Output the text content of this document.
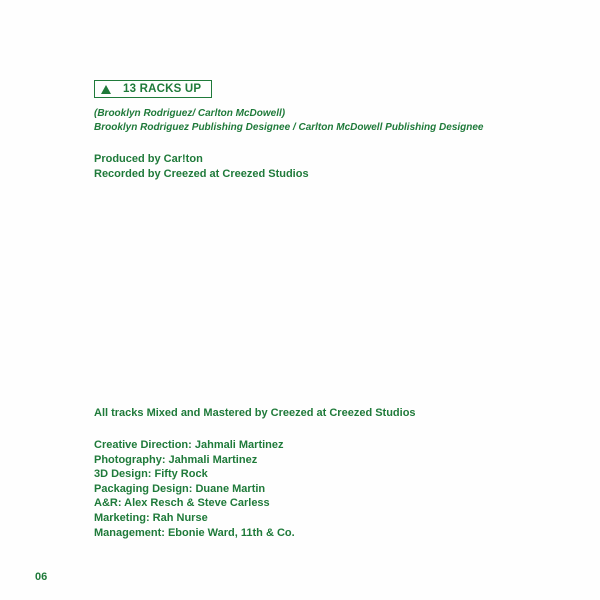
13 RACKS UP
(Brooklyn Rodriguez/ Carlton McDowell)
Brooklyn Rodriguez Publishing Designee / Carlton McDowell Publishing Designee
Produced by Car!ton
Recorded by Creezed at Creezed Studios
All tracks Mixed and Mastered by Creezed at Creezed Studios
Creative Direction: Jahmali Martinez
Photography: Jahmali Martinez
3D Design: Fifty Rock
Packaging Design: Duane Martin
A&R: Alex Resch & Steve Carless
Marketing: Rah Nurse
Management: Ebonie Ward, 11th & Co.
06
